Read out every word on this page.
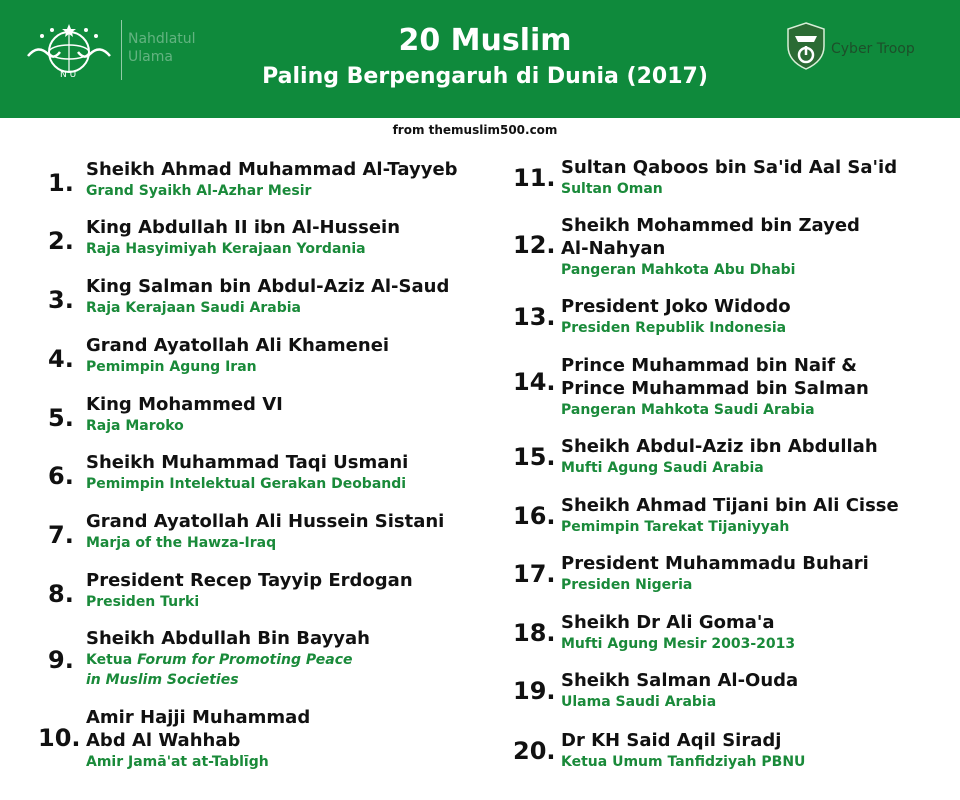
N U
Nahdlatul Ulama	20 Muslim
Paling Berpengaruh di Dunia (2017)
Cyber Troop
from themuslim500.com
1. Sheikh Ahmad Muhammad Al-Tayyeb
Grand Syaikh Al-Azhar Mesir
2. King Abdullah II ibn Al-Hussein
Raja Hasyimiyah Kerajaan Yordania
3. King Salman bin Abdul-Aziz Al-Saud
Raja Kerajaan Saudi Arabia
4. Grand Ayatollah Ali Khamenei
Pemimpin Agung Iran
5. King Mohammed VI
Raja Maroko
6. Sheikh Muhammad Taqi Usmani
Pemimpin Intelektual Gerakan Deobandi
7. Grand Ayatollah Ali Hussein Sistani
Marja of the Hawza-Iraq
8. President Recep Tayyip Erdogan
Presiden Turki
9.
Sheikh Abdullah Bin Bayyah
Ketua Forum for Promoting Peace
in Muslim Societies
10.
Amir Hajji Muhammad
Abd Al Wahhab
Amir Jamā'at at-Tablīgh
11. Sultan Qaboos bin Sa'id Aal Sa'id
Sultan Oman
12.
Sheikh Mohammed bin Zayed
Al-Nahyan
Pangeran Mahkota Abu Dhabi
13. President Joko Widodo
Presiden Republik Indonesia
14.
Prince Muhammad bin Naif &
Prince Muhammad bin Salman
Pangeran Mahkota Saudi Arabia
15. Sheikh Abdul-Aziz ibn Abdullah
Mufti Agung Saudi Arabia
16. Sheikh Ahmad Tijani bin Ali Cisse
Pemimpin Tarekat Tijaniyyah
17. President Muhammadu Buhari
Presiden Nigeria
18. Sheikh Dr Ali Goma'a
Mufti Agung Mesir 2003-2013
19. Sheikh Salman Al-Ouda
Ulama Saudi Arabia
20. Dr KH Said Aqil Siradj
Ketua Umum Tanfidziyah PBNU
